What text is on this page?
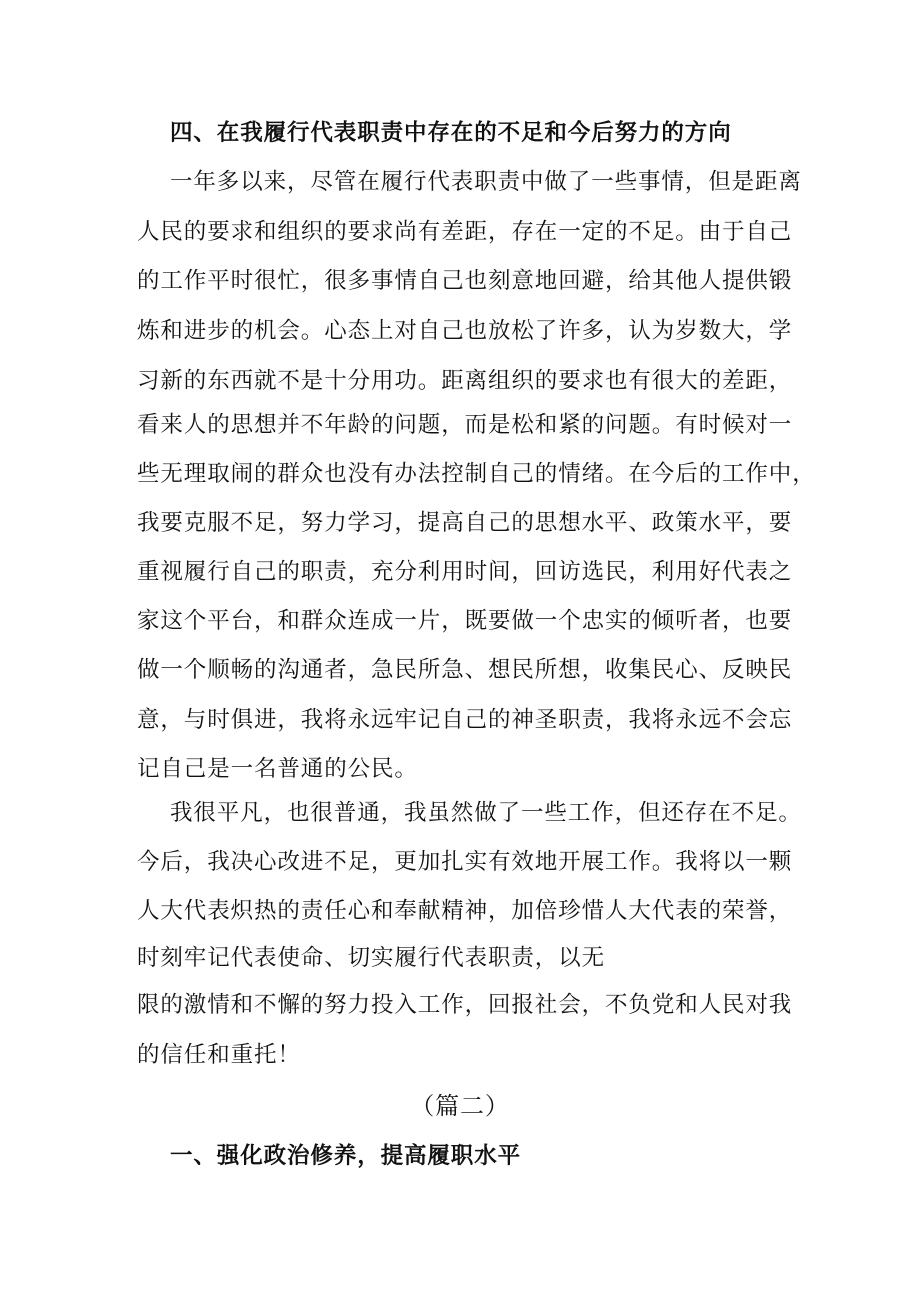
四、在我履行代表职责中存在的不足和今后努力的方向
一年多以来，尽管在履行代表职责中做了一些事情，但是距离
人民的要求和组织的要求尚有差距，存在一定的不足。由于自己
的工作平时很忙，很多事情自己也刻意地回避，给其他人提供锻
炼和进步的机会。心态上对自己也放松了许多，认为岁数大，学
习新的东西就不是十分用功。距离组织的要求也有很大的差距，
看来人的思想并不年龄的问题，而是松和紧的问题。有时候对一
些无理取闹的群众也没有办法控制自己的情绪。在今后的工作中，
我要克服不足，努力学习，提高自己的思想水平、政策水平，要
重视履行自己的职责，充分利用时间，回访选民，利用好代表之
家这个平台，和群众连成一片，既要做一个忠实的倾听者，也要
做一个顺畅的沟通者，急民所急、想民所想，收集民心、反映民
意，与时俱进，我将永远牢记自己的神圣职责，我将永远不会忘
记自己是一名普通的公民。
我很平凡，也很普通，我虽然做了一些工作，但还存在不足。
今后，我决心改进不足，更加扎实有效地开展工作。我将以一颗
人大代表炽热的责任心和奉献精神，加倍珍惜人大代表的荣誉，
时刻牢记代表使命、切实履行代表职责，以无
限的激情和不懈的努力投入工作，回报社会，不负党和人民对我
的信任和重托！
（篇二）
一、强化政治修养，提高履职水平
